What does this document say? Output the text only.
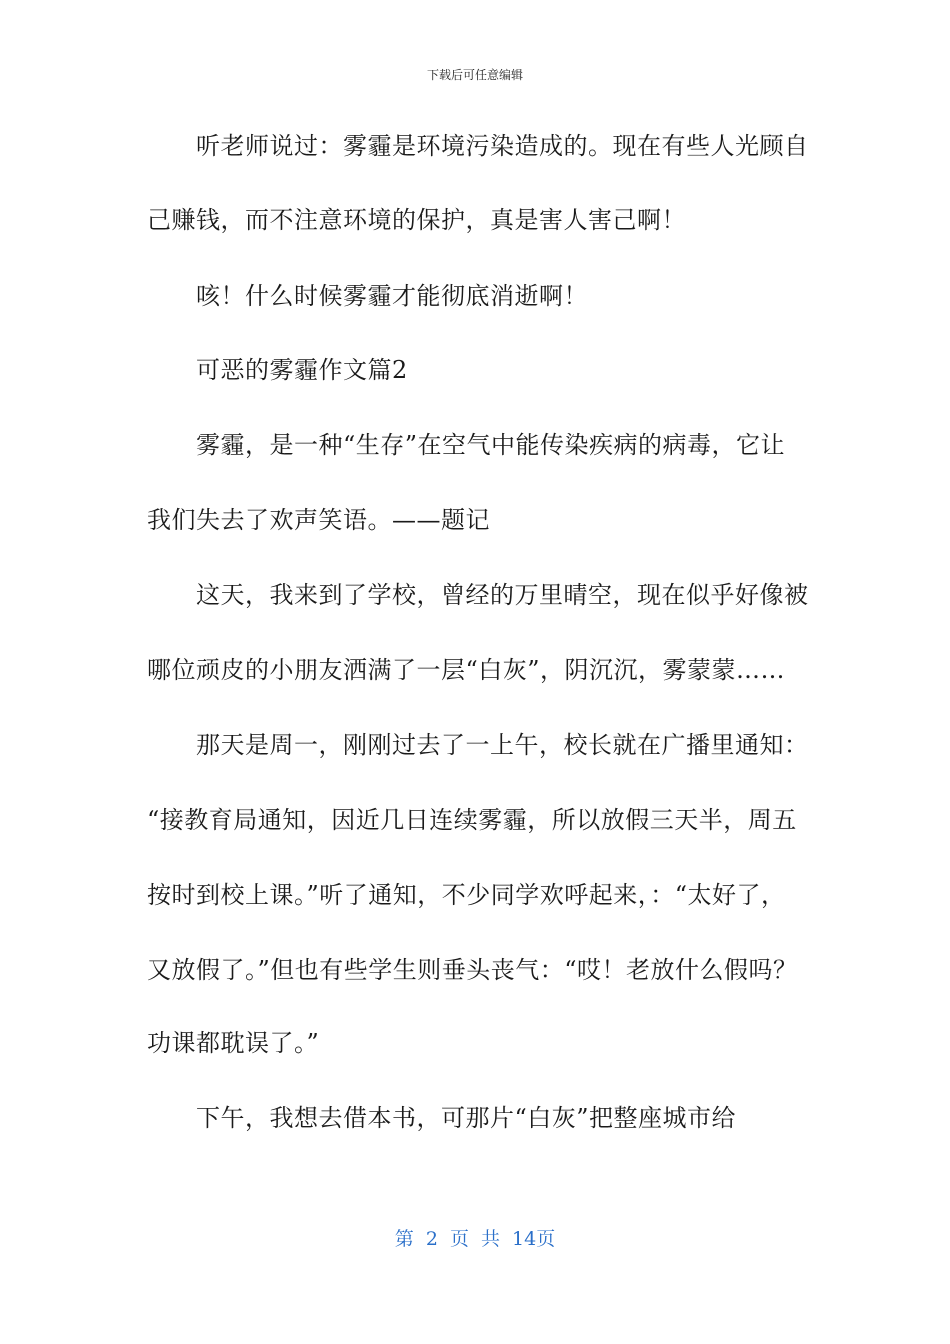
下载后可任意编辑
　　听老师说过：雾霾是环境污染造成的。现在有些人光顾自
己赚钱，而不注意环境的保护，真是害人害己啊！
　　咳！什么时候雾霾才能彻底消逝啊！
　　可恶的雾霾作文篇2
　　雾霾，是一种“生存”在空气中能传染疾病的病毒，它让
我们失去了欢声笑语。——题记
　　这天，我来到了学校，曾经的万里晴空，现在似乎好像被
哪位顽皮的小朋友洒满了一层“白灰”，阴沉沉，雾蒙蒙……
　　那天是周一，刚刚过去了一上午，校长就在广播里通知：
“接教育局通知，因近几日连续雾霾，所以放假三天半，周五
按时到校上课。”听了通知，不少同学欢呼起来，：“太好了，
又放假了。”但也有些学生则垂头丧气：“哎！老放什么假吗？
功课都耽误了。”
　　下午，我想去借本书，可那片“白灰”把整座城市给
第 2 页 共 14页
